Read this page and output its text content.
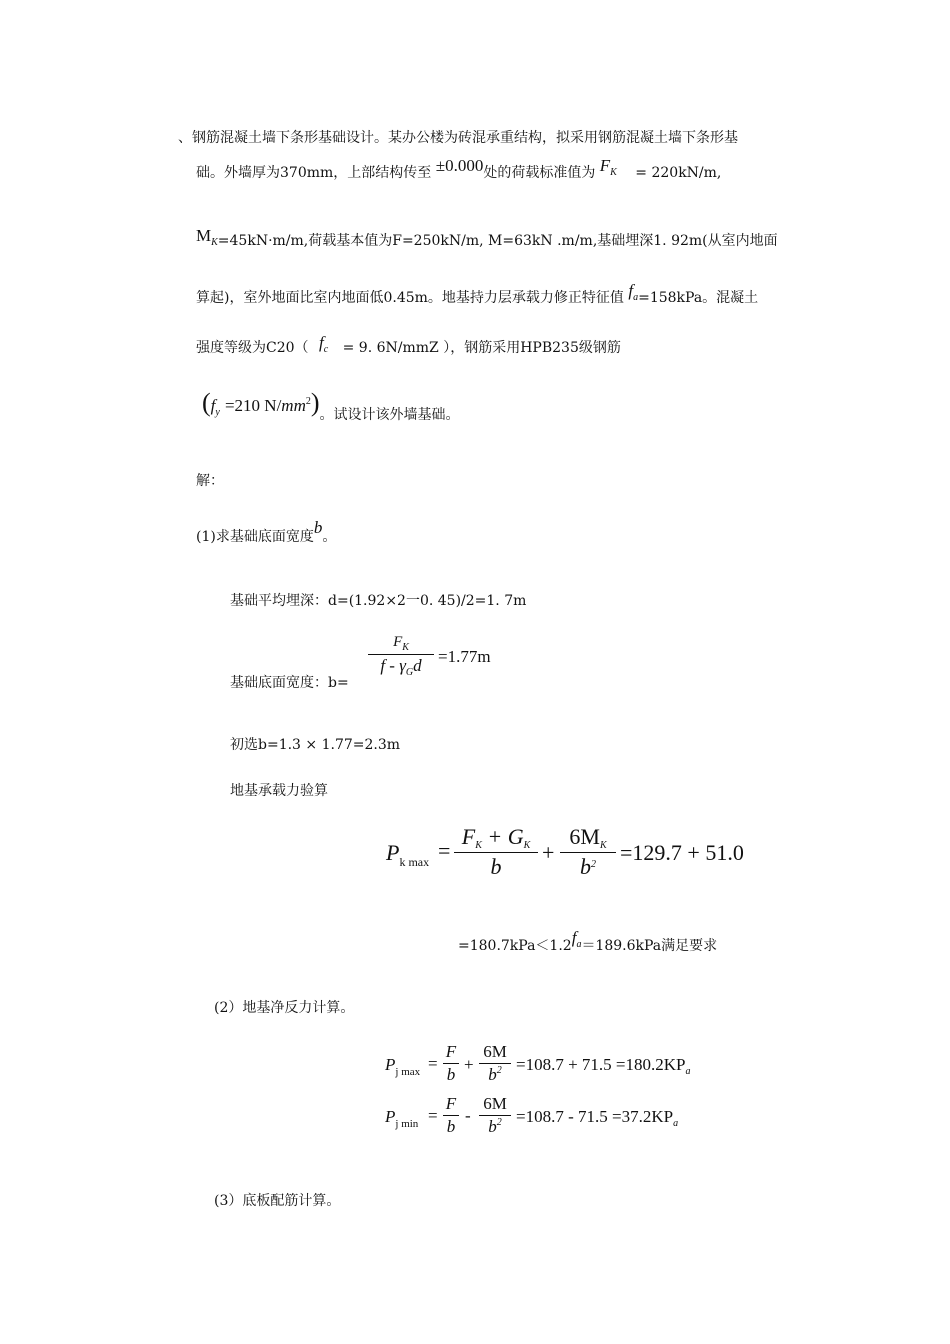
、钢筋混凝土墙下条形基础设计。某办公楼为砖混承重结构，拟采用钢筋混凝土墙下条形基
础。外墙厚为370mm，上部结构传至 ±0.000处的荷载标准值为 $F_K = 220kN/m$,
$M_K=45kN\cdot m/m$,荷载基本值为F=250kN/m, M=63kN .m/m,基础埋深1. 92m(从室内地面
算起)，室外地面比室内地面低0.45m。地基持力层承载力修正特征值 $f_a=158kPa$。混凝土
强度等级为C20（ $f_c = 9$. 6N/mmZ ），钢筋采用HPB235级钢筋
($f_y =210$ $N/mm^2$)。试设计该外墙基础。
解：
(1)求基础底面宽度b。
基础平均埋深：d=(1.92×2一0. 45)/2=1. 7m
基础底面宽度：b=
$F_K$
$f - \gamma_Gd =1.77m$
初选b=1.3 × 1.77=2.3m
地基承载力验算
$P_{k max}$ =
$F_K + G_K$
b
+
$6M_K$
$b^2$	=129.7 + 51.0
$=180.7kPa<1.2f_a=189.6kPa$满足要求
(2）地基净反力计算。
$P_{j max}$ =
F
b
+
6M
$b^2 =108.7 + 71.5 =180.2KP_a$
$P_{j min}$ =
F
b
-
6M
$b^2 =108.7 - 71.5 =37.2KP_a$
(3）底板配筋计算。
